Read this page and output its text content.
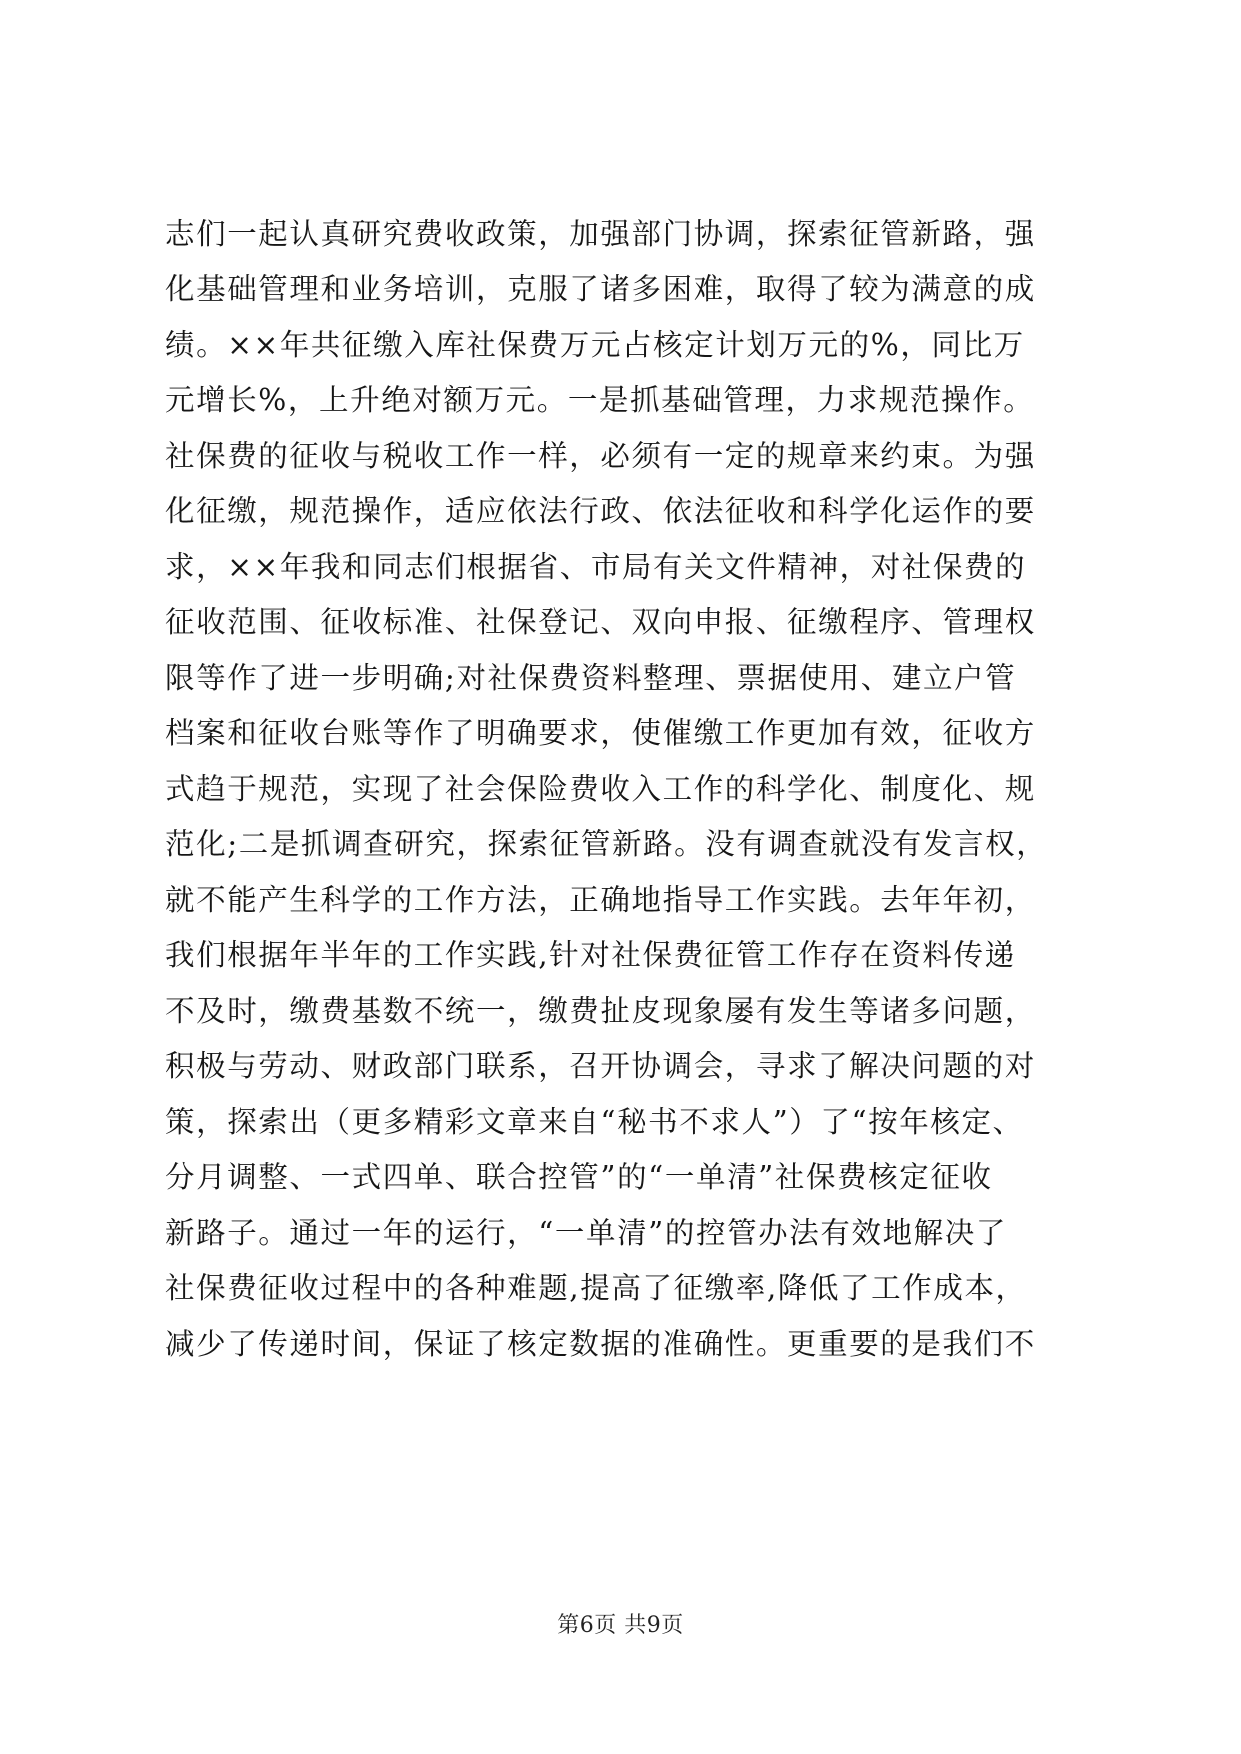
志们一起认真研究费收政策，加强部门协调，探索征管新路，强
化基础管理和业务培训，克服了诸多困难，取得了较为满意的成
绩。××年共征缴入库社保费万元占核定计划万元的%，同比万
元增长%，上升绝对额万元。一是抓基础管理，力求规范操作。
社保费的征收与税收工作一样，必须有一定的规章来约束。为强
化征缴，规范操作，适应依法行政、依法征收和科学化运作的要
求，××年我和同志们根据省、市局有关文件精神，对社保费的
征收范围、征收标准、社保登记、双向申报、征缴程序、管理权
限等作了进一步明确;对社保费资料整理、票据使用、建立户管
档案和征收台账等作了明确要求，使催缴工作更加有效，征收方
式趋于规范，实现了社会保险费收入工作的科学化、制度化、规
范化;二是抓调查研究，探索征管新路。没有调查就没有发言权，
就不能产生科学的工作方法，正确地指导工作实践。去年年初，
我们根据年半年的工作实践,针对社保费征管工作存在资料传递
不及时，缴费基数不统一，缴费扯皮现象屡有发生等诸多问题，
积极与劳动、财政部门联系，召开协调会，寻求了解决问题的对
策，探索出（更多精彩文章来自“秘书不求人”）了“按年核定、
分月调整、一式四单、联合控管”的“一单清”社保费核定征收
新路子。通过一年的运行，“一单清”的控管办法有效地解决了
社保费征收过程中的各种难题,提高了征缴率,降低了工作成本，
减少了传递时间，保证了核定数据的准确性。更重要的是我们不
第6页 共9页
